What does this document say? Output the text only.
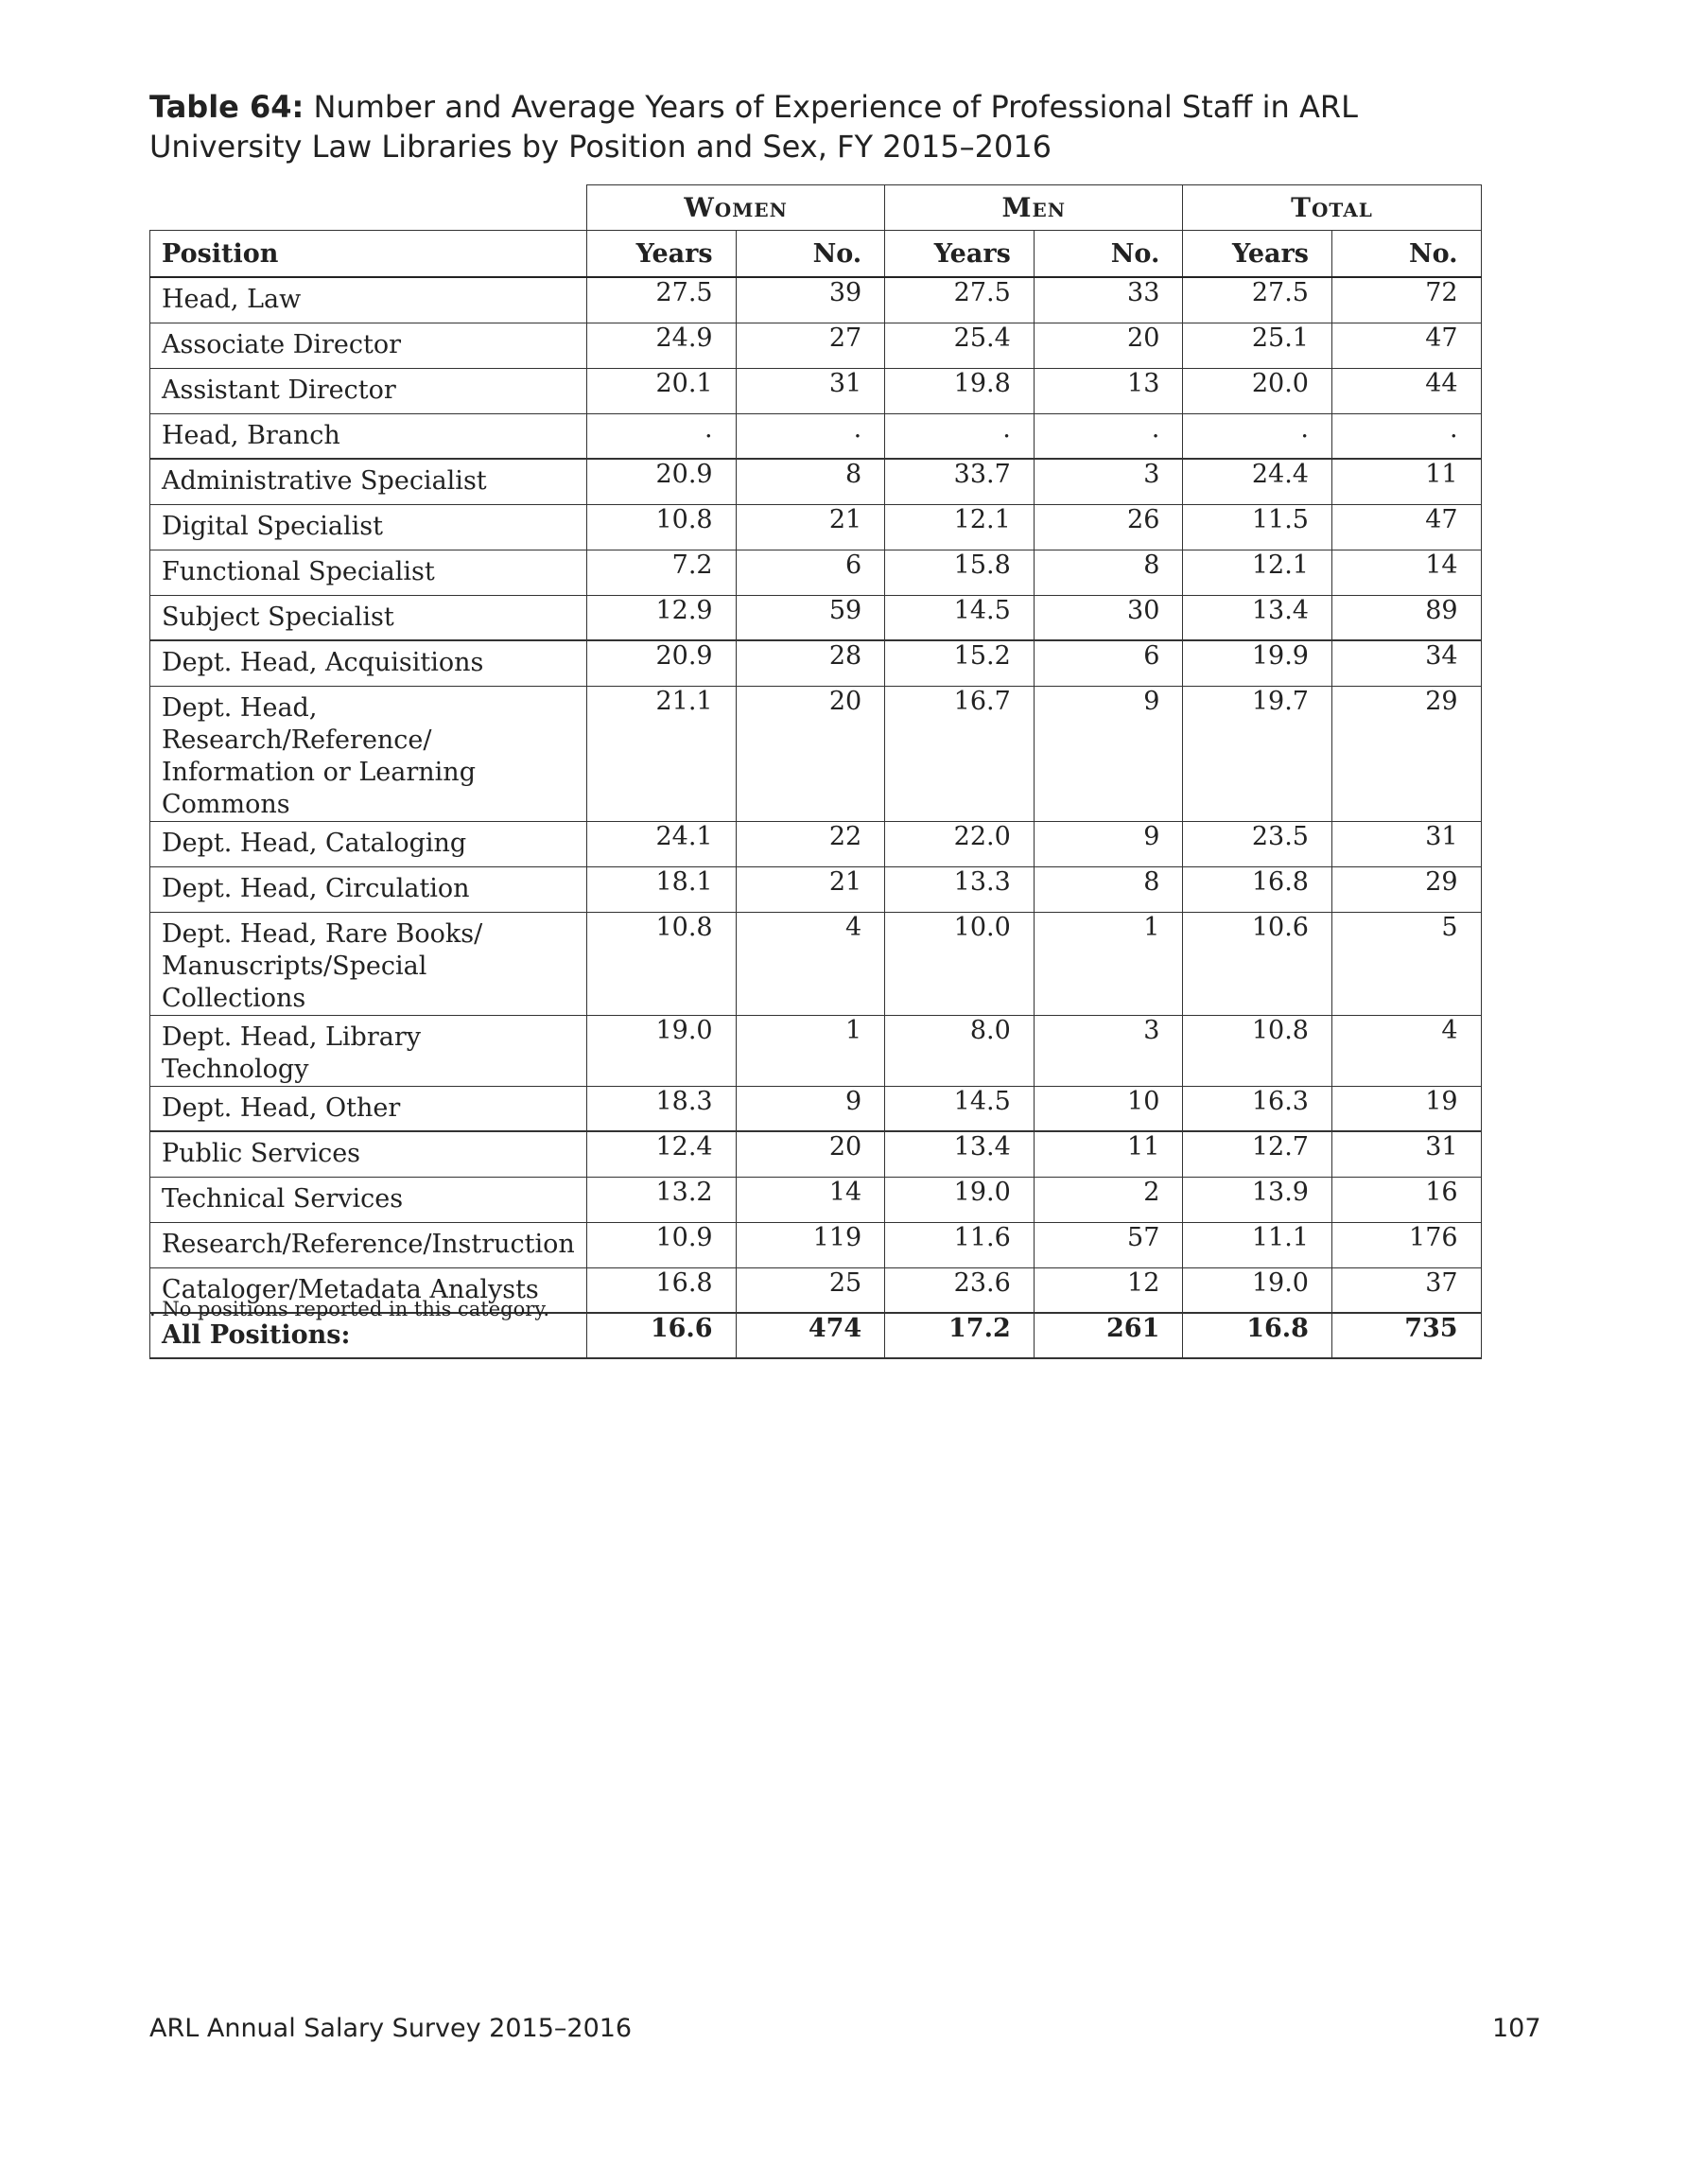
Table 64: Number and Average Years of Experience of Professional Staff in ARL University Law Libraries by Position and Sex, FY 2015–2016
	Women		Men		Total	
Position	Years	No.	Years	No.	Years	No.
Head, Law	27.5	39	27.5	33	27.5	72
Associate Director	24.9	27	25.4	20	25.1	47
Assistant Director	20.1	31	19.8	13	20.0	44
Head, Branch	.	.	.	.	.	.
Administrative Specialist	20.9	8	33.7	3	24.4	11
Digital Specialist	10.8	21	12.1	26	11.5	47
Functional Specialist	7.2	6	15.8	8	12.1	14
Subject Specialist	12.9	59	14.5	30	13.4	89
Dept. Head, Acquisitions	20.9	28	15.2	6	19.9	34
Dept. Head, Research/Reference/ Information or Learning Commons	21.1	20	16.7	9	19.7	29
Dept. Head, Cataloging	24.1	22	22.0	9	23.5	31
Dept. Head, Circulation	18.1	21	13.3	8	16.8	29
Dept. Head, Rare Books/ Manuscripts/Special Collections	10.8	4	10.0	1	10.6	5
Dept. Head, Library Technology	19.0	1	8.0	3	10.8	4
Dept. Head, Other	18.3	9	14.5	10	16.3	19
Public Services	12.4	20	13.4	11	12.7	31
Technical Services	13.2	14	19.0	2	13.9	16
Research/Reference/Instruction	10.9	119	11.6	57	11.1	176
Cataloger/Metadata Analysts	16.8	25	23.6	12	19.0	37
All Positions:	16.6	474	17.2	261	16.8	735
. No positions reported in this category.
ARL Annual Salary Survey 2015–2016	107
